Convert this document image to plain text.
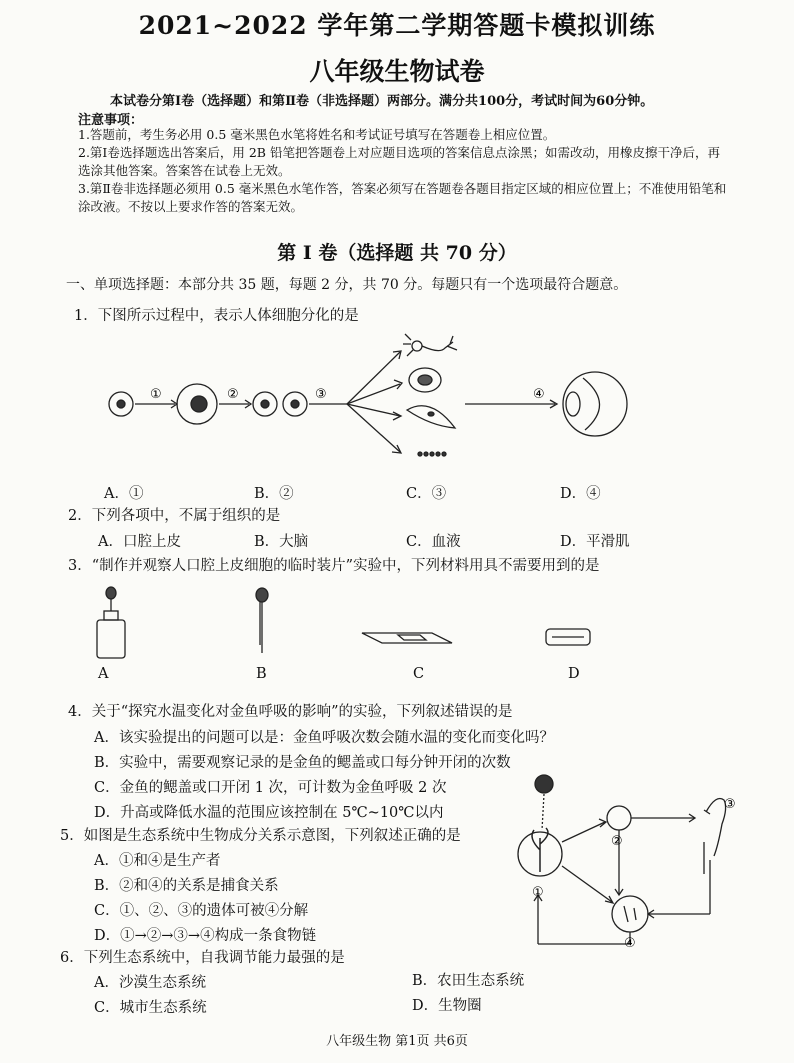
2021~2022 学年第二学期答题卡模拟训练
八年级生物试卷
本试卷分第Ⅰ卷（选择题）和第Ⅱ卷（非选择题）两部分。满分共100分，考试时间为60分钟。
注意事项：
1.答题前，考生务必用 0.5 毫米黑色水笔将姓名和考试证号填写在答题卷上相应位置。
2.第Ⅰ卷选择题选出答案后，用 2B 铅笔把答题卷上对应题目选项的答案信息点涂黑；如需改动，用橡皮擦干净后，再选涂其他答案。答案答在试卷上无效。
3.第Ⅱ卷非选择题必须用 0.5 毫米黑色水笔作答，答案必须写在答题卷各题目指定区域的相应位置上；不准使用铅笔和涂改液。不按以上要求作答的答案无效。
第 I 卷（选择题 共 70 分）
一、单项选择题：本部分共 35 题，每题 2 分，共 70 分。每题只有一个选项最符合题意。
1．下图所示过程中，表示人体细胞分化的是
①	②	③	④
A．①	B．②	C．③	D．④
2．下列各项中，不属于组织的是
A．口腔上皮	B．大脑	C．血液	D．平滑肌
3．“制作并观察人口腔上皮细胞的临时装片”实验中，下列材料用具不需要用到的是
A	B	C	D
4．关于“探究水温变化对金鱼呼吸的影响”的实验，下列叙述错误的是
A．该实验提出的问题可以是：金鱼呼吸次数会随水温的变化而变化吗？
B．实验中，需要观察记录的是金鱼的鳃盖或口每分钟开闭的次数
C．金鱼的鳃盖或口开闭 1 次，可计数为金鱼呼吸 2 次
D．升高或降低水温的范围应该控制在 5℃~10℃以内
5．如图是生态系统中生物成分关系示意图，下列叙述正确的是
A．①和④是生产者
B．②和④的关系是捕食关系
C．①、②、③的遗体可被④分解
D．①→②→③→④构成一条食物链
①
②
③
④
6．下列生态系统中，自我调节能力最强的是
A．沙漠生态系统	B．农田生态系统
C．城市生态系统	D．生物圈
八年级生物 第1页 共6页
